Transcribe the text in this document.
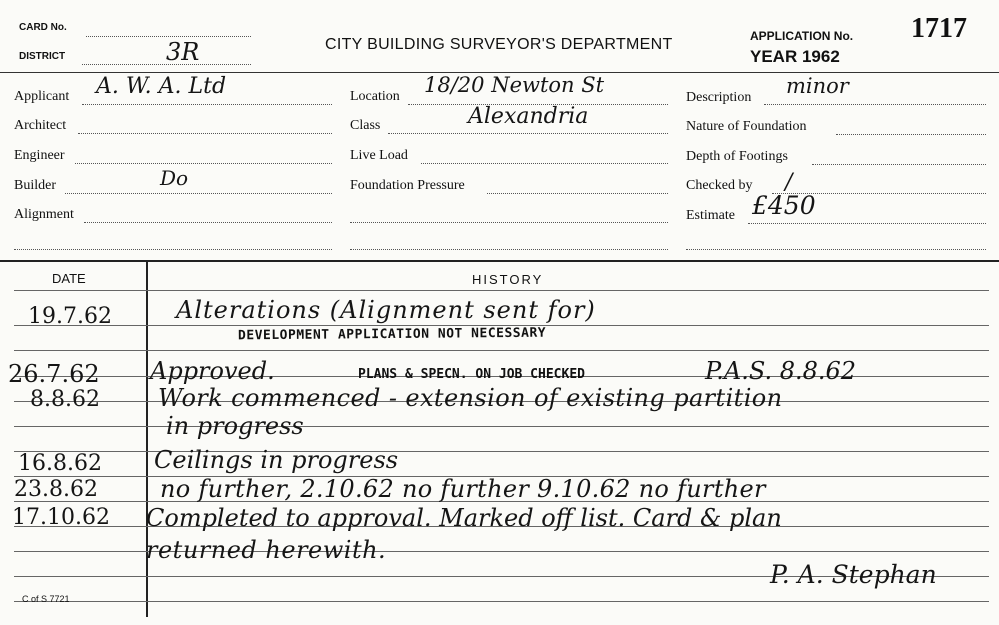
CARD No.
DISTRICT	3R	CITY BUILDING SURVEYOR'S DEPARTMENT	APPLICATION No. 1717
YEAR 1962
Applicant A. W. A. Ltd
Architect
Engineer
Builder	Do
Alignment
Location 18/20 Newton St
Class	Alexandria
Live Load
Foundation Pressure
Description minor
Nature of Foundation
Depth of Footings
Checked by /
Estimate £450
DATE	HISTORY
19.7.62	Alterations (Alignment sent for)
DEVELOPMENT APPLICATION NOT NECESSARY
26.7.62 Approved.	PLANS & SPECN. ON JOB CHECKED	P.A.S. 8.8.62
8.8.62 Work commenced - extension of existing partition
in progress
16.8.62 Ceilings in progress
23.8.62	no further, 2.10.62 no further 9.10.62 no further
17.10.62 Completed to approval. Marked off list. Card & plan
returned herewith.
P. A. Stephan
C of S 7721
